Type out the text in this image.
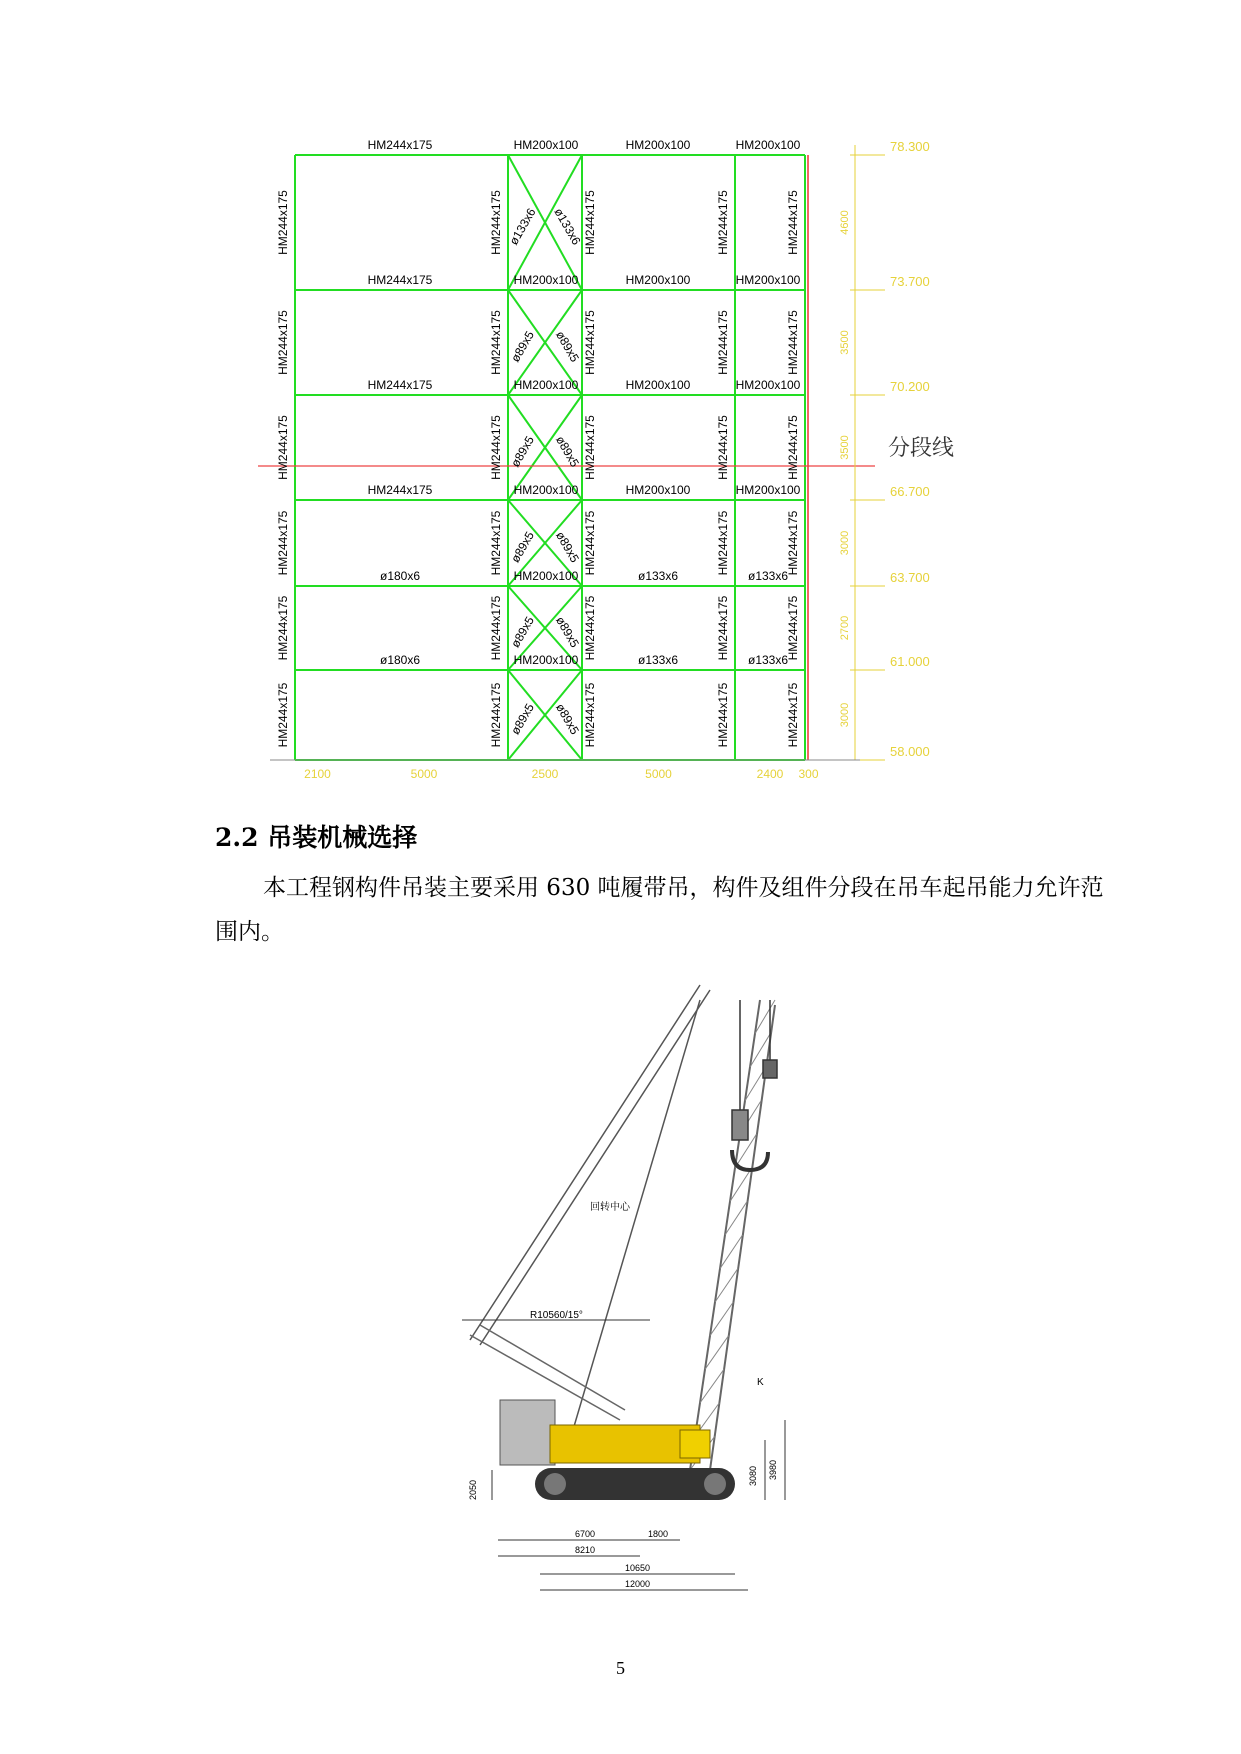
分段线
HM244x175	HM200x100	HM200x100	HM200x100
HM244x175	HM200x100	HM200x100	HM200x100
HM244x175	HM200x100	HM200x100	HM200x100
HM244x175	HM200x100	HM200x100	HM200x100
ø180x6	HM200x100	ø133x6	ø133x6
ø180x6	HM200x100	ø133x6	ø133x6
HM244x175	HM244x175	HM244x175	HM244x175	HM244x175
ø133x6 ø133x6
HM244x175	HM244x175	HM244x175	HM244x175	HM244x175
ø89x5 ø89x5
HM244x175	HM244x175	HM244x175	HM244x175	HM244x175
ø89x5 ø89x5
HM244x175	HM244x175	HM244x175	HM244x175	HM244x175
ø89x5 ø89x5
HM244x175	HM244x175	HM244x175	HM244x175	HM244x175
ø89x5 ø89x5
HM244x175	HM244x175	HM244x175	HM244x175	HM244x175
ø89x5 ø89x5
78.300
4600
73.700
3500
70.200
3500
66.700
3000
63.700
2700
61.000
3000
58.000
2100	5000	2500	5000	2400 300
2.2 吊装机械选择
本工程钢构件吊装主要采用 630 吨履带吊，构件及组件分段在吊车起吊能力允许范围内。
回转中心
R10560/15°
K
2050
3080 3980
6700	1800
8210
10650
12000
5
